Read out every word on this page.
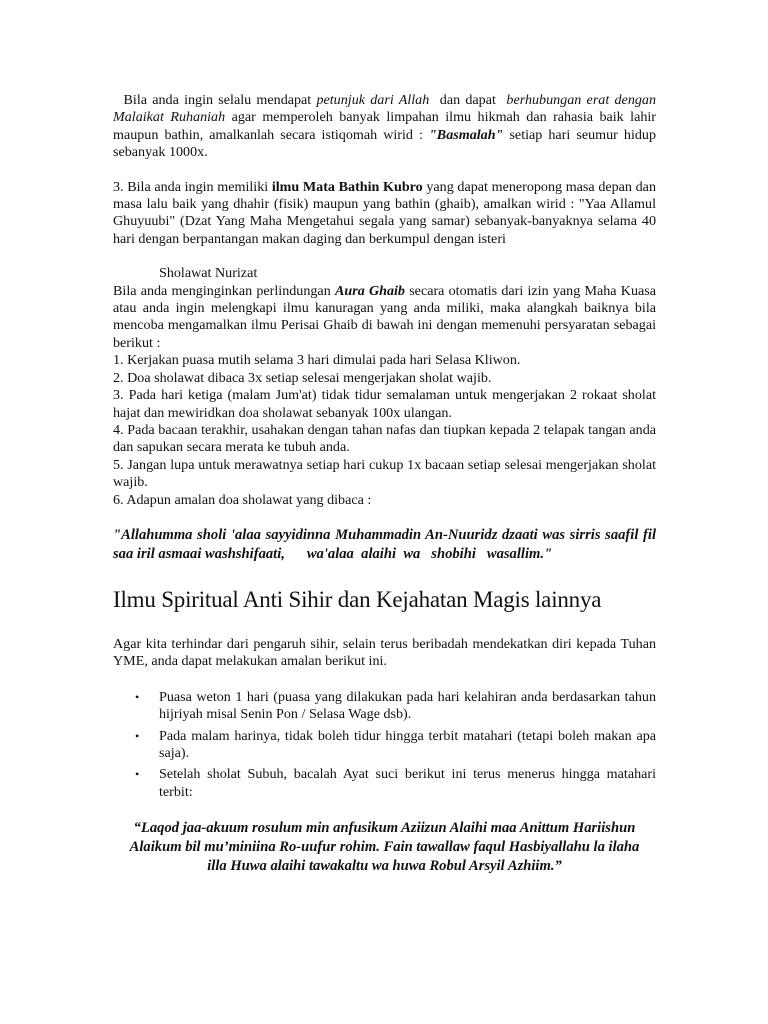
Bila anda ingin selalu mendapat petunjuk dari Allah  dan dapat  berhubungan erat dengan Malaikat Ruhaniah agar memperoleh banyak limpahan ilmu hikmah dan rahasia baik lahir maupun bathin, amalkanlah secara istiqomah wirid : "Basmalah" setiap hari seumur hidup sebanyak 1000x.

3. Bila anda ingin memiliki ilmu Mata Bathin Kubro yang dapat meneropong masa depan dan masa lalu baik yang dhahir (fisik) maupun yang bathin (ghaib), amalkan wirid : "Yaa Allamul Ghuyuubi" (Dzat Yang Maha Mengetahui segala yang samar) sebanyak-banyaknya selama 40 hari dengan berpantangan makan daging dan berkumpul dengan isteri

Sholawat Nurizat

Bila anda menginginkan perlindungan Aura Ghaib secara otomatis dari izin yang Maha Kuasa atau anda ingin melengkapi ilmu kanuragan yang anda miliki, maka alangkah baiknya bila mencoba mengamalkan ilmu Perisai Ghaib di bawah ini dengan memenuhi persyaratan sebagai berikut :

1. Kerjakan puasa mutih selama 3 hari dimulai pada hari Selasa Kliwon.

2. Doa sholawat dibaca 3x setiap selesai mengerjakan sholat wajib.

3. Pada hari ketiga (malam Jum'at) tidak tidur semalaman untuk mengerjakan 2 rokaat sholat hajat dan mewiridkan doa sholawat sebanyak 100x ulangan.

4. Pada bacaan terakhir, usahakan dengan tahan nafas dan tiupkan kepada 2 telapak tangan anda dan sapukan secara merata ke tubuh anda.

5. Jangan lupa untuk merawatnya setiap hari cukup 1x bacaan setiap selesai mengerjakan sholat wajib.

6. Adapun amalan doa sholawat yang dibaca :

"Allahumma sholi 'alaa sayyidinna Muhammadin An-Nuuridz dzaati was sirris saafil fil saa iril asmaai washshifaati,      wa'alaa  alaihi  wa   shobihi   wasallim."

Ilmu Spiritual Anti Sihir dan Kejahatan Magis lainnya

Agar kita terhindar dari pengaruh sihir, selain terus beribadah mendekatkan diri kepada Tuhan YME, anda dapat melakukan amalan berikut ini.

• Puasa weton 1 hari (puasa yang dilakukan pada hari kelahiran anda berdasarkan tahun hijriyah misal Senin Pon / Selasa Wage dsb).
• Pada malam harinya, tidak boleh tidur hingga terbit matahari (tetapi boleh makan apa saja).
• Setelah sholat Subuh, bacalah Ayat suci berikut ini terus menerus hingga matahari terbit:

“Laqod jaa-akuum rosulum min anfusikum Aziizun Alaihi maa Anittum Hariishun Alaikum bil mu’miniina Ro-uufur rohim. Fain tawallaw faqul Hasbiyallahu la ilaha illa Huwa alaihi tawakaltu wa huwa Robul Arsyil Azhiim.”
